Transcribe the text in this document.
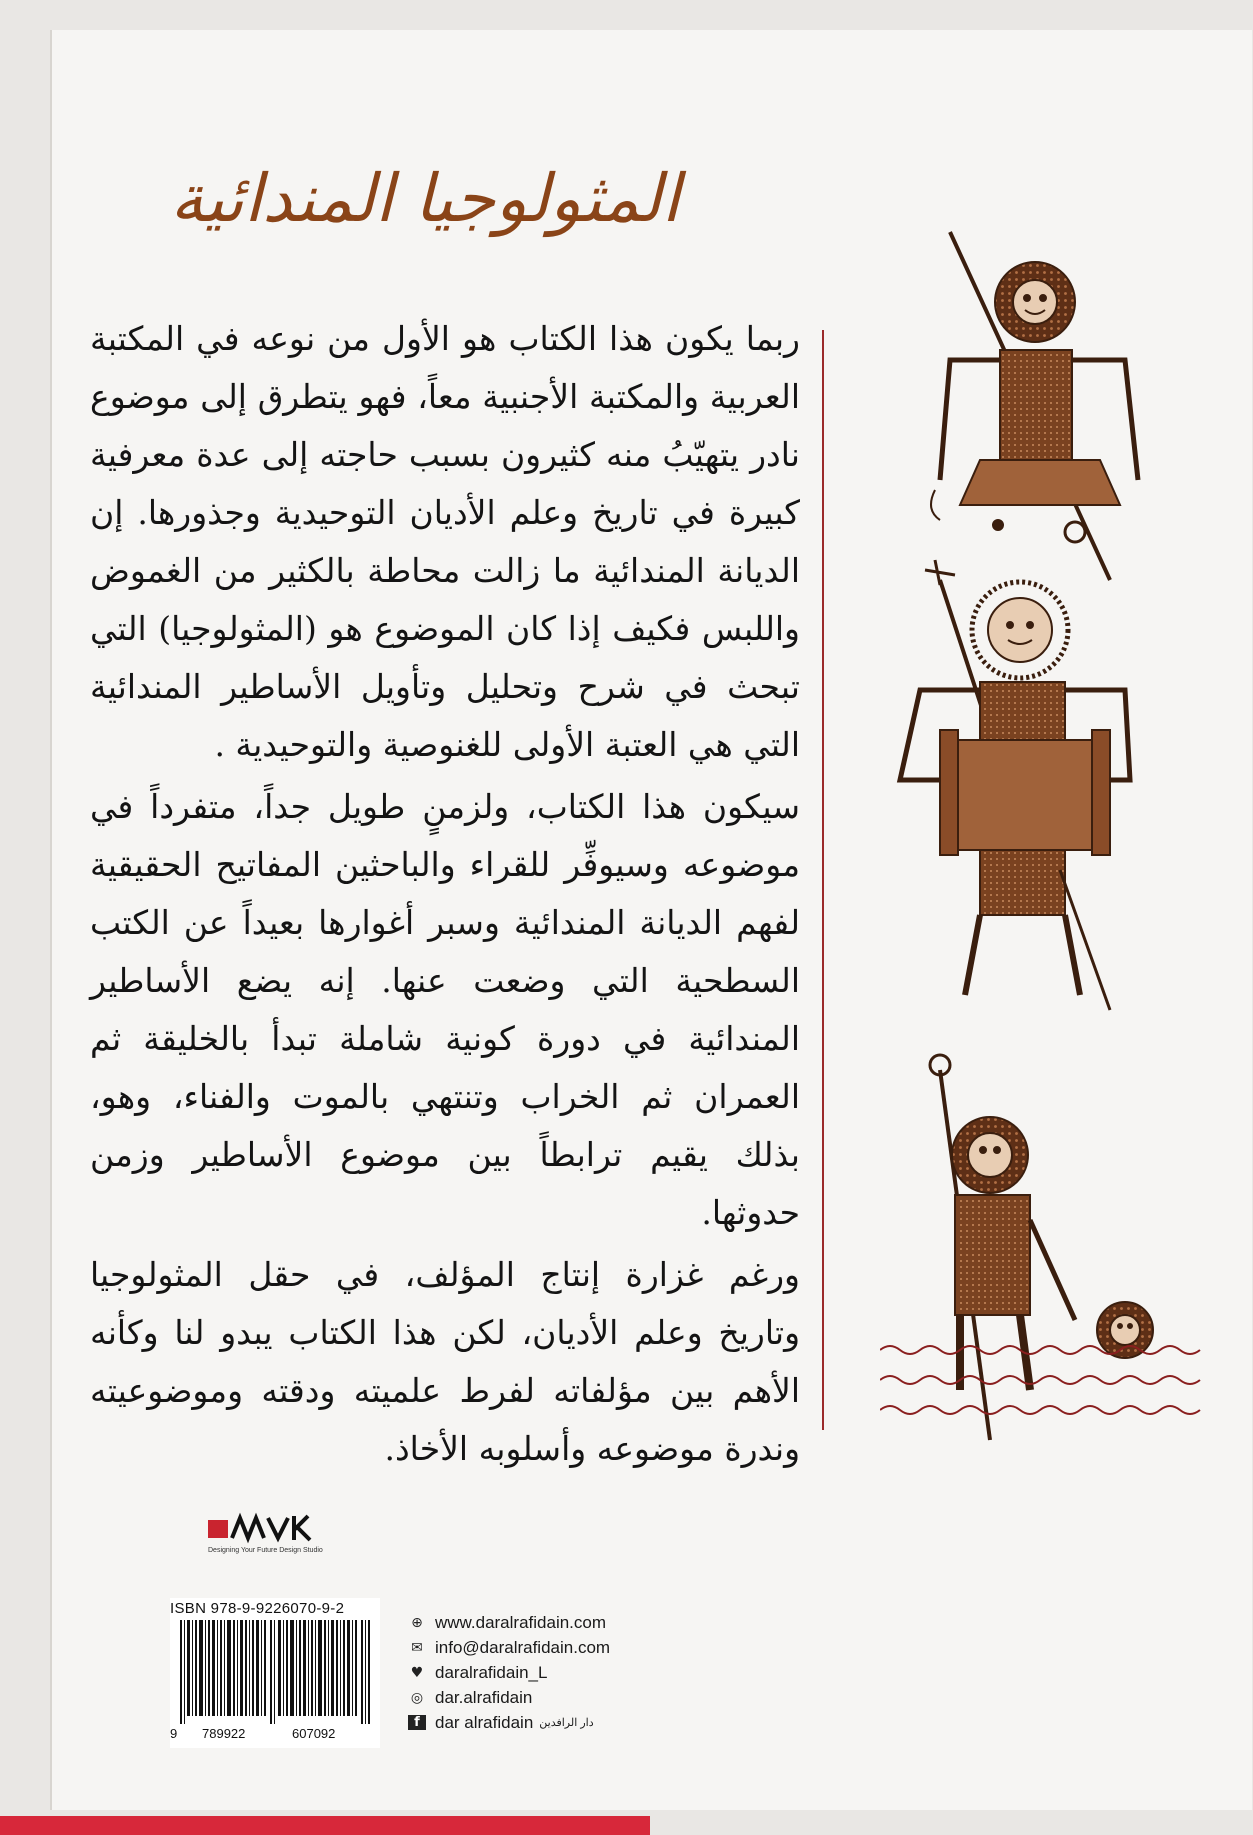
المثولوجيا المندائية

ربما يكون هذا الكتاب هو الأول من نوعه في المكتبة العربية والمكتبة الأجنبية معاً، فهو يتطرق إلى موضوع نادر يتهيّبُ منه كثيرون بسبب حاجته إلى عدة معرفية كبيرة في تاريخ وعلم الأديان التوحيدية وجذورها. إن الديانة المندائية ما زالت محاطة بالكثير من الغموض واللبس فكيف إذا كان الموضوع هو (المثولوجيا) التي تبحث في شرح وتحليل وتأويل الأساطير المندائية التي هي العتبة الأولى للغنوصية والتوحيدية .

سيكون هذا الكتاب، ولزمنٍ طويل جداً، متفرداً في موضوعه وسيوفِّر للقراء والباحثين المفاتيح الحقيقية لفهم الديانة المندائية وسبر أغوارها بعيداً عن الكتب السطحية التي وضعت عنها. إنه يضع الأساطير المندائية في دورة كونية شاملة تبدأ بالخليقة ثم العمران ثم الخراب وتنتهي بالموت والفناء، وهو، بذلك يقيم ترابطاً بين موضوع الأساطير وزمن حدوثها.

ورغم غزارة إنتاج المؤلف، في حقل المثولوجيا وتاريخ وعلم الأديان، لكن هذا الكتاب يبدو لنا وكأنه الأهم بين مؤلفاته لفرط علميته ودقته وموضوعيته وندرة موضوعه وأسلوبه الأخاذ.

Designing Your Future Design Studio
ISBN 978-9-9226070-9-2
9 789922	607092
⊕ www.daralrafidain.com
✉ info@daralrafidain.com
♥ daralrafidain_L
◎ dar.alrafidain
f dar alrafidain دار الرافدين
